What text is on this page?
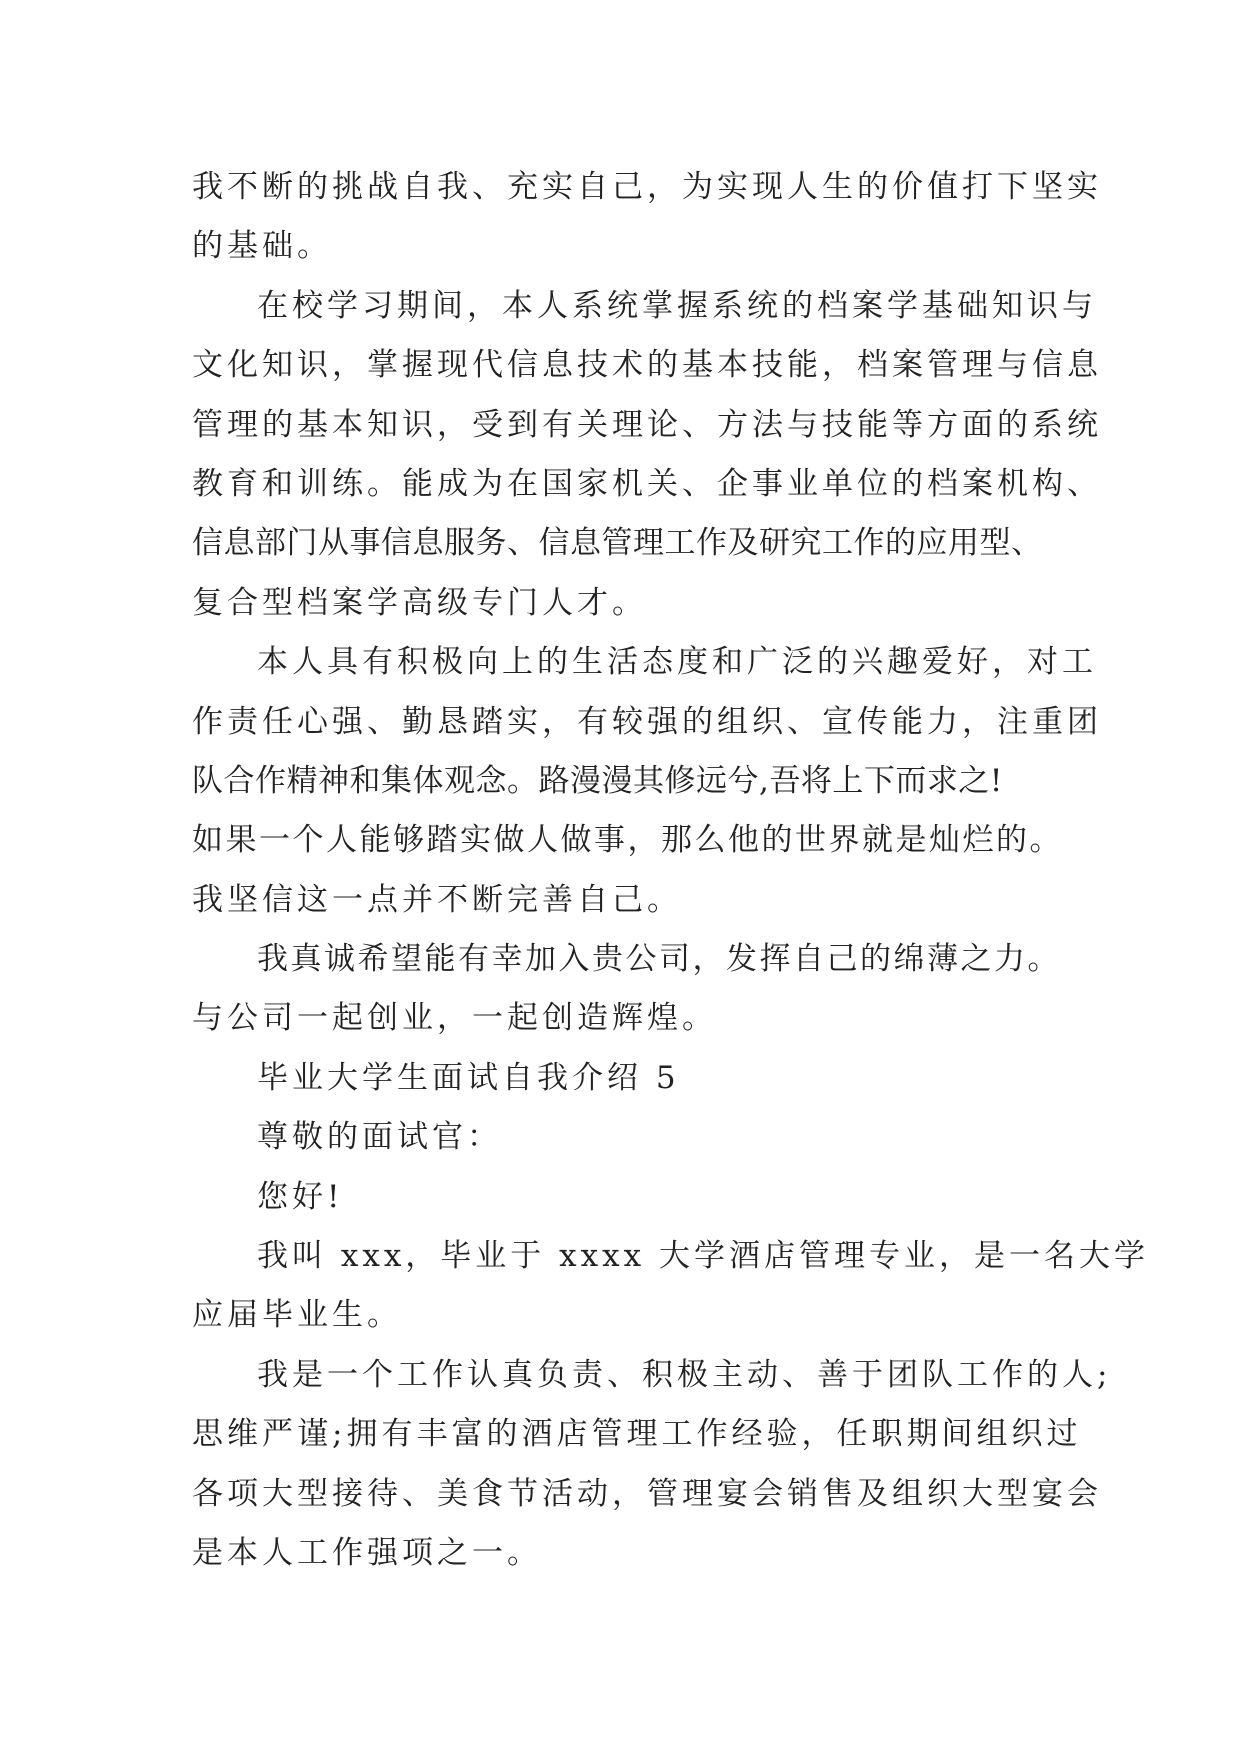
我不断的挑战自我、充实自己，为实现人生的价值打下坚实
的基础。
在校学习期间，本人系统掌握系统的档案学基础知识与
文化知识，掌握现代信息技术的基本技能，档案管理与信息
管理的基本知识，受到有关理论、方法与技能等方面的系统
教育和训练。能成为在国家机关、企事业单位的档案机构、
信息部门从事信息服务、信息管理工作及研究工作的应用型、
复合型档案学高级专门人才。
本人具有积极向上的生活态度和广泛的兴趣爱好，对工
作责任心强、勤恳踏实，有较强的组织、宣传能力，注重团
队合作精神和集体观念。路漫漫其修远兮,吾将上下而求之!
如果一个人能够踏实做人做事，那么他的世界就是灿烂的。
我坚信这一点并不断完善自己。
我真诚希望能有幸加入贵公司，发挥自己的绵薄之力。
与公司一起创业，一起创造辉煌。
毕业大学生面试自我介绍 5
尊敬的面试官：
您好!
我叫 xxx，毕业于 xxxx 大学酒店管理专业，是一名大学
应届毕业生。
我是一个工作认真负责、积极主动、善于团队工作的人;
思维严谨;拥有丰富的酒店管理工作经验，任职期间组织过
各项大型接待、美食节活动，管理宴会销售及组织大型宴会
是本人工作强项之一。
